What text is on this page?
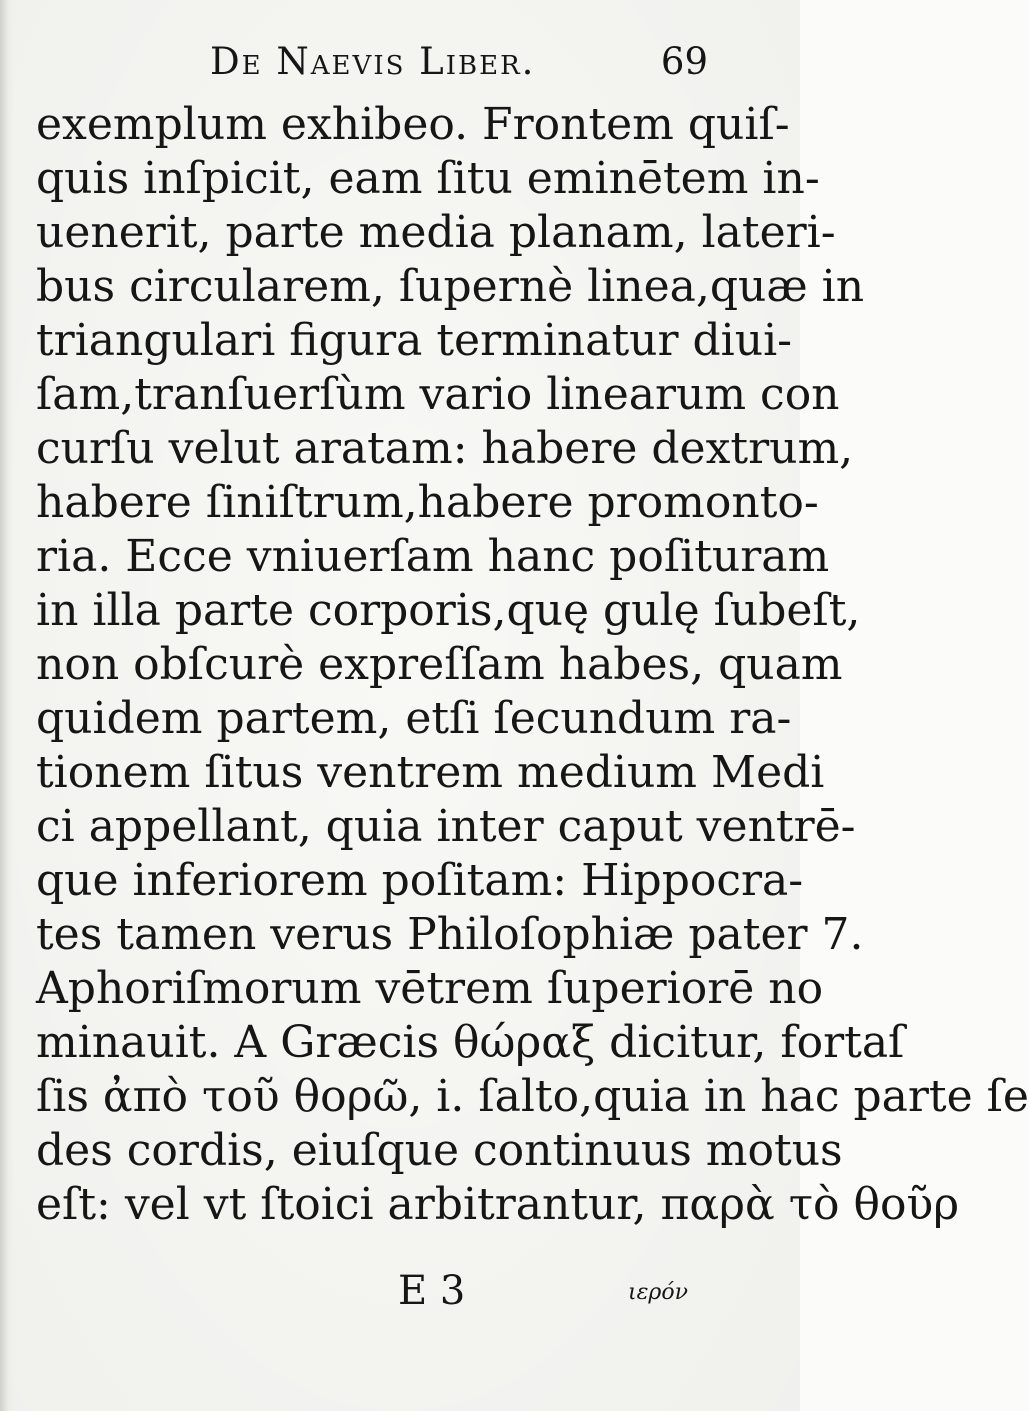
De Naevis Liber.	69
exemplum exhibeo. Frontem quiſ-
quis inſpicit, eam ſitu eminētem in-
uenerit, parte media planam, lateri-
bus circularem, ſupernè linea,quæ in
triangulari figura terminatur diui-
ſam,tranſuerſùm vario linearum con
curſu velut aratam: habere dextrum,
habere ſiniſtrum,habere promonto-
ria. Ecce vniuerſam hanc poſituram
in illa parte corporis,quę gulę ſubeſt,
non obſcurè expreſſam habes, quam
quidem partem, etſi ſecundum ra-
tionem ſitus ventrem medium Medi
ci appellant, quia inter caput ventrē-
que inferiorem poſitam: Hippocra-
tes tamen verus Philoſophiæ pater 7.
Aphoriſmorum vētrem ſuperiorē no
minauit. A Græcis θώραξ dicitur, fortaſ
ſis ἀπὸ τοῦ θορῶ, i. ſalto,quia in hac parte ſe
des cordis, eiuſque continuus motus
eſt: vel vt ſtoici arbitrantur, παρὰ τὸ θοῦρ
E 3	ιερόν
